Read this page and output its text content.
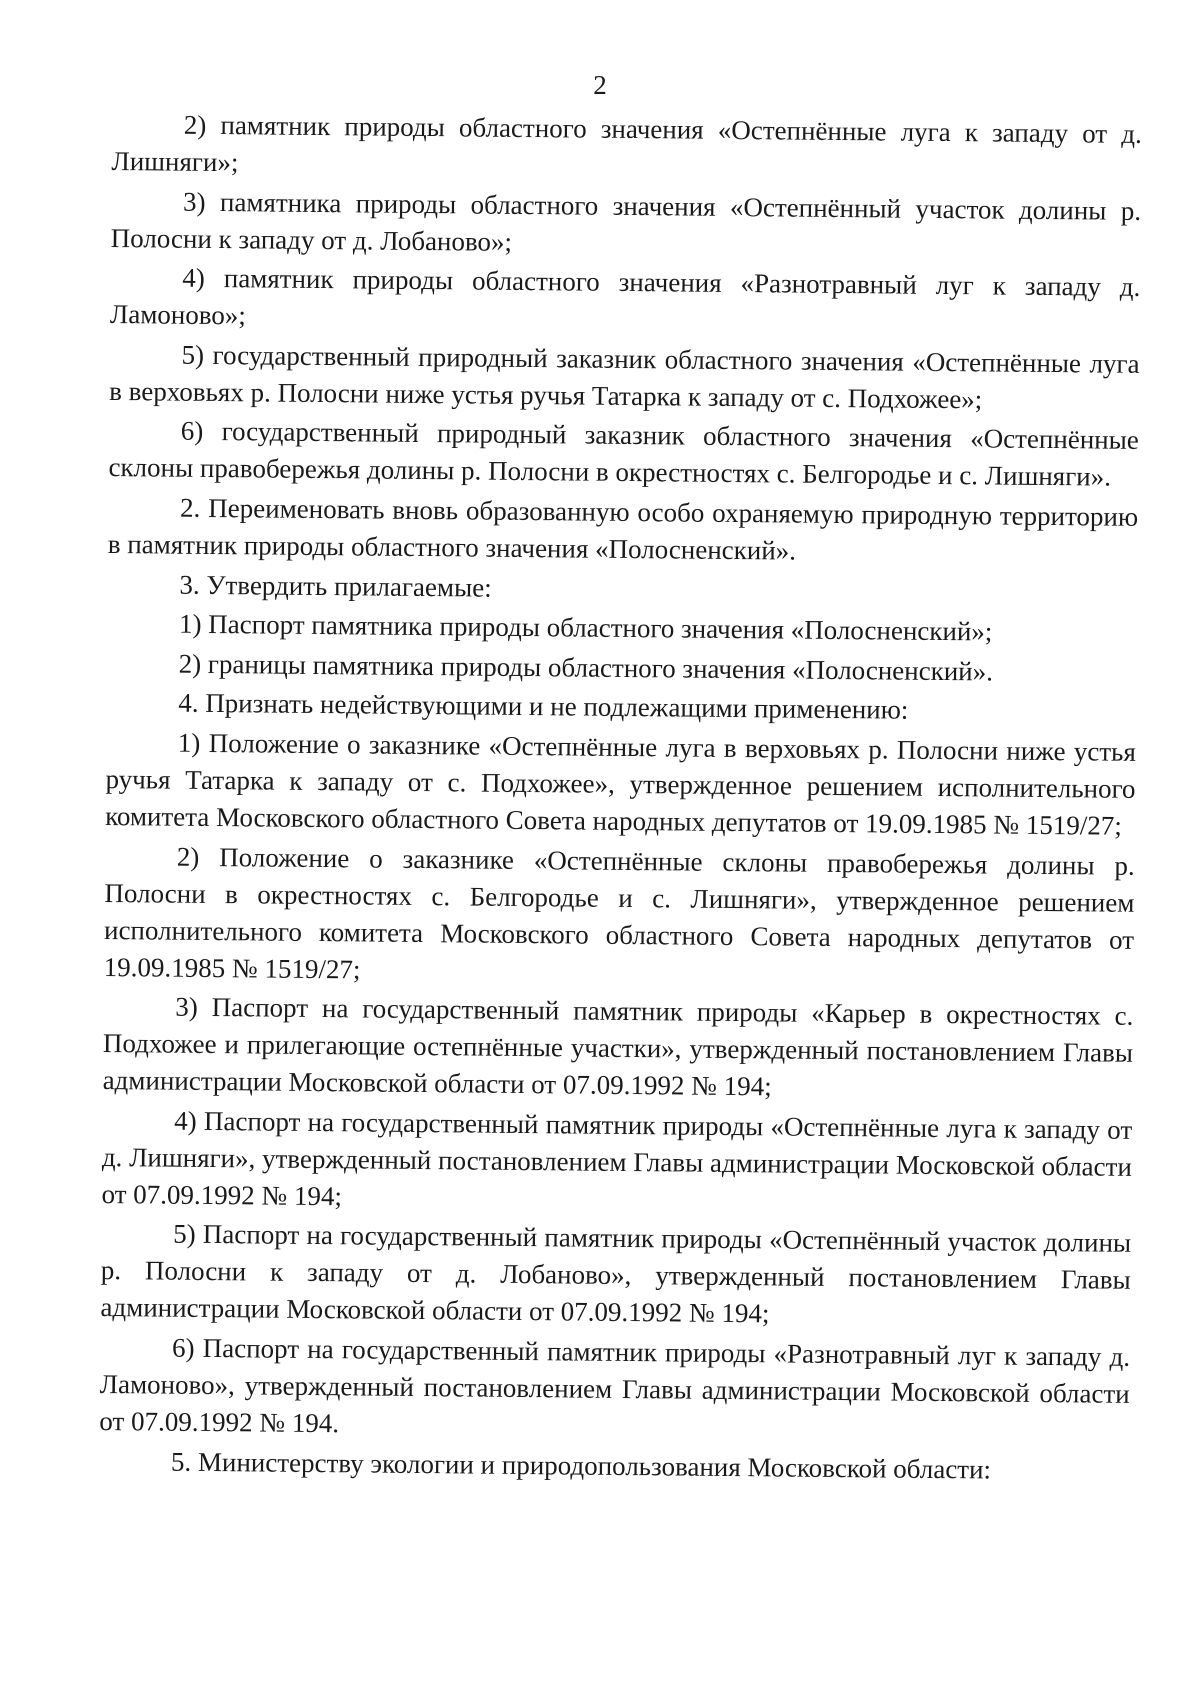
2

2) памятник природы областного значения «Остепнённые луга к западу от д. Лишняги»;

3) памятника природы областного значения «Остепнённый участок долины р. Полосни к западу от д. Лобаново»;

4) памятник природы областного значения «Разнотравный луг к западу д. Ламоново»;

5) государственный природный заказник областного значения «Остепнённые луга в верховьях р. Полосни ниже устья ручья Татарка к западу от с. Подхожее»;

6) государственный природный заказник областного значения «Остепнённые склоны правобережья долины р. Полосни в окрестностях с. Белгородье и с. Лишняги».

2. Переименовать вновь образованную особо охраняемую природную территорию в памятник природы областного значения «Полосненский».

3. Утвердить прилагаемые:

1) Паспорт памятника природы областного значения «Полосненский»;

2) границы памятника природы областного значения «Полосненский».

4. Признать недействующими и не подлежащими применению:

1) Положение о заказнике «Остепнённые луга в верховьях р. Полосни ниже устья ручья Татарка к западу от с. Подхожее», утвержденное решением исполнительного комитета Московского областного Совета народных депутатов от 19.09.1985 № 1519/27;

2) Положение о заказнике «Остепнённые склоны правобережья долины р. Полосни в окрестностях с. Белгородье и с. Лишняги», утвержденное решением исполнительного комитета Московского областного Совета народных депутатов от 19.09.1985 № 1519/27;

3) Паспорт на государственный памятник природы «Карьер в окрестностях с. Подхожее и прилегающие остепнённые участки», утвержденный постановлением Главы администрации Московской области от 07.09.1992 № 194;

4) Паспорт на государственный памятник природы «Остепнённые луга к западу от д. Лишняги», утвержденный постановлением Главы администрации Московской области от 07.09.1992 № 194;

5) Паспорт на государственный памятник природы «Остепнённый участок долины р. Полосни к западу от д. Лобаново», утвержденный постановлением Главы администрации Московской области от 07.09.1992 № 194;

6) Паспорт на государственный памятник природы «Разнотравный луг к западу д. Ламоново», утвержденный постановлением Главы администрации Московской области от 07.09.1992 № 194.

5. Министерству экологии и природопользования Московской области:
